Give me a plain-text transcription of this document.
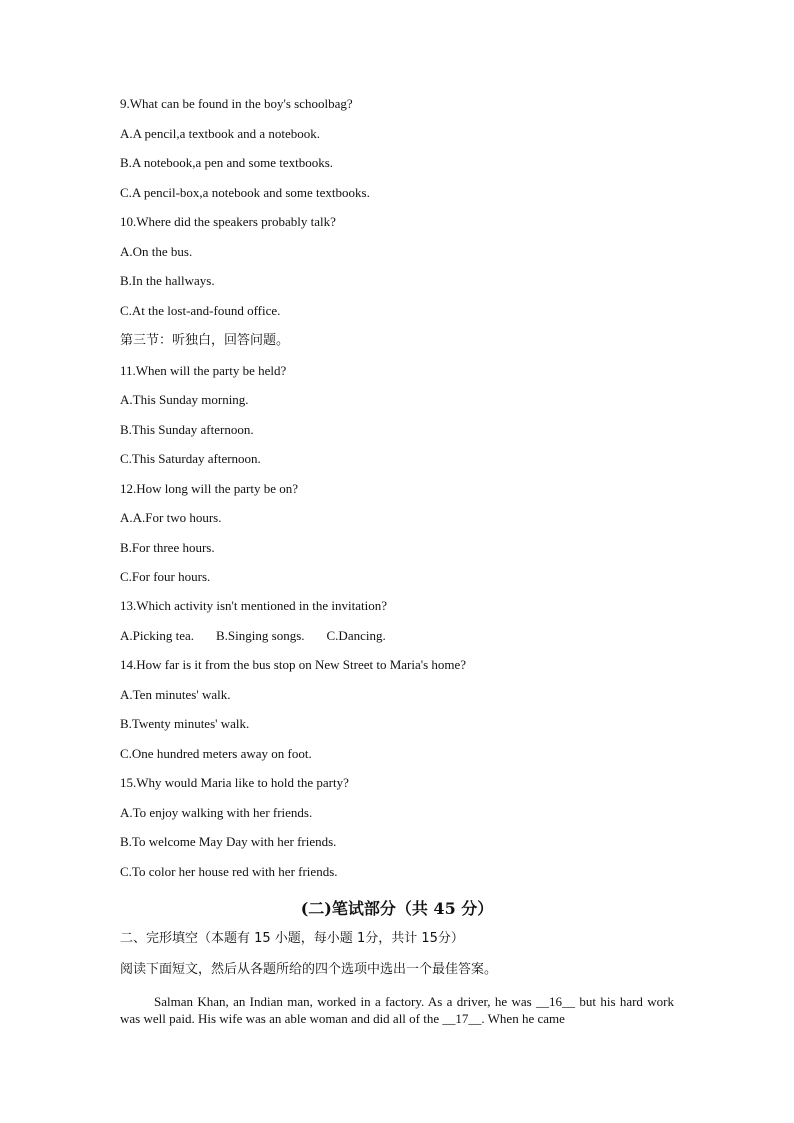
9.What can be found in the boy's schoolbag?
A.A pencil,a textbook and a notebook.
B.A notebook,a pen and some textbooks.
C.A pencil-box,a notebook and some textbooks.
10.Where did the speakers probably talk?
A.On the bus.
B.In the hallways.
C.At the lost-and-found office.
第三节：听独白，回答问题。
11.When will the party be held?
A.This Sunday morning.
B.This Sunday afternoon.
C.This Saturday afternoon.
12.How long will the party be on?
A.A.For two hours.
B.For three hours.
C.For four hours.
13.Which activity isn't mentioned in the invitation?
A.Picking tea. B.Singing songs. C.Dancing.
14.How far is it from the bus stop on New Street to Maria's home?
A.Ten minutes' walk.
B.Twenty minutes' walk.
C.One hundred meters away on foot.
15.Why would Maria like to hold the party?
A.To enjoy walking with her friends.
B.To welcome May Day with her friends.
C.To color her house red with her friends.
(二)笔试部分（共 45 分）
二、完形填空（本题有 15 小题，每小题 1分，共计 15分）
阅读下面短文，然后从各题所给的四个选项中选出一个最佳答案。
Salman Khan, an Indian man, worked in a factory. As a driver, he was __16__ but his hard work was well paid. His wife was an able woman and did all of the __17__. When he came
